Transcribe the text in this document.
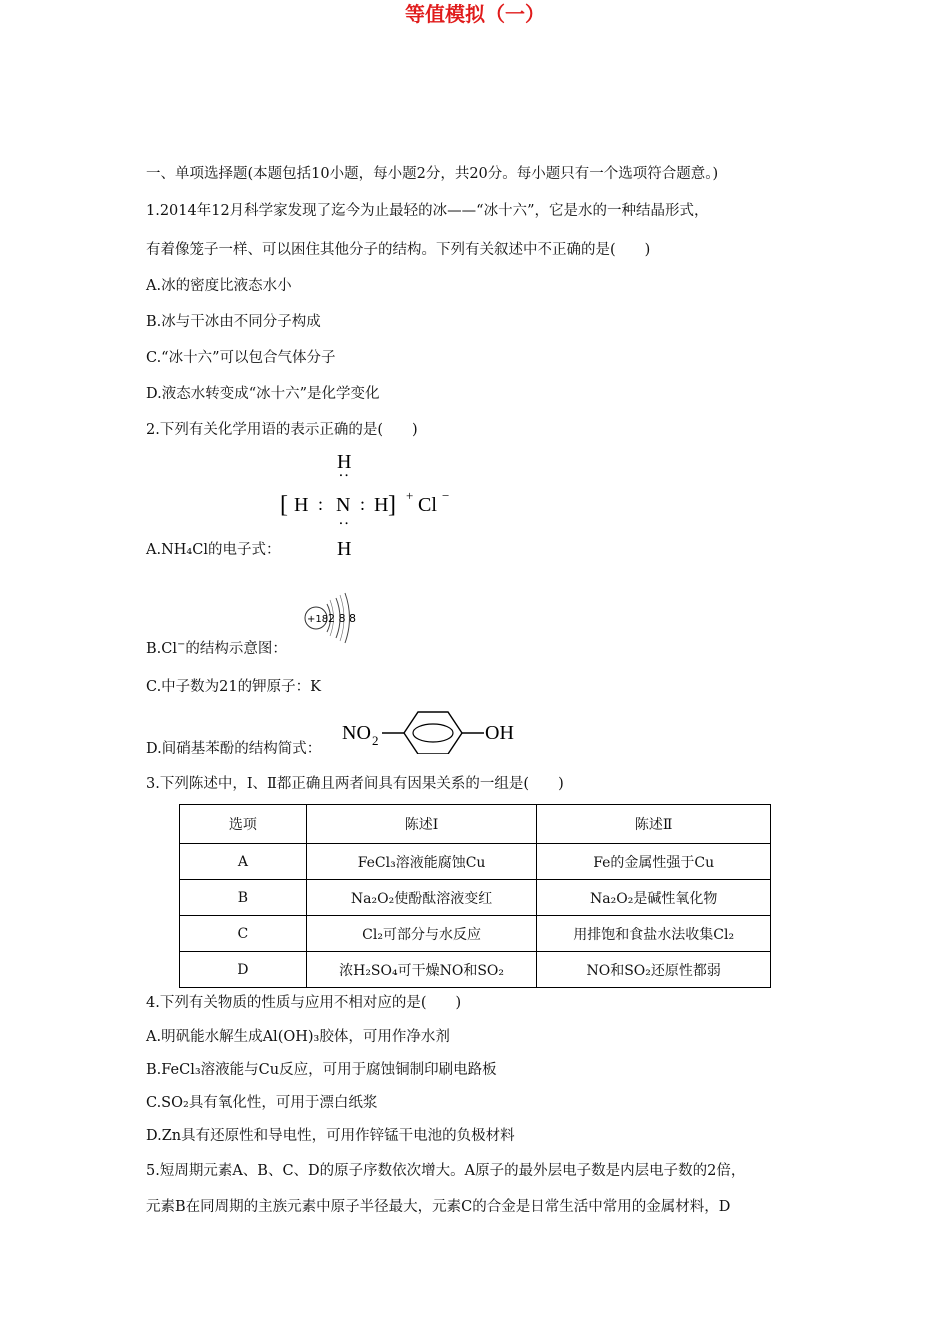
等值模拟（一）
一、单项选择题(本题包括10小题，每小题2分，共20分。每小题只有一个选项符合题意。)
1.2014年12月科学家发现了迄今为止最轻的冰——“冰十六”，它是水的一种结晶形式，
有着像笼子一样、可以困住其他分子的结构。下列有关叙述中不正确的是(　　)
A.冰的密度比液态水小
B.冰与干冰由不同分子构成
C.“冰十六”可以包合气体分子
D.液态水转变成“冰十六”是化学变化
2.下列有关化学用语的表示正确的是(　　)
H
:
[ H : N : H ] + Cl −
:
H
A.NH₄Cl的电子式：
+18 2 8 8
B.Cl−的结构示意图：
C.中子数为21的钾原子：K
NO 2	OH
D.间硝基苯酚的结构简式：
3.下列陈述中，Ⅰ、Ⅱ都正确且两者间具有因果关系的一组是(　　)
选项	陈述Ⅰ	陈述Ⅱ
A	FeCl₃溶液能腐蚀Cu	Fe的金属性强于Cu
B	Na₂O₂使酚酞溶液变红	Na₂O₂是碱性氧化物
C	Cl₂可部分与水反应	用排饱和食盐水法收集Cl₂
D	浓H₂SO₄可干燥NO和SO₂	NO和SO₂还原性都弱
4.下列有关物质的性质与应用不相对应的是(　　)
A.明矾能水解生成Al(OH)₃胶体，可用作净水剂
B.FeCl₃溶液能与Cu反应，可用于腐蚀铜制印刷电路板
C.SO₂具有氧化性，可用于漂白纸浆
D.Zn具有还原性和导电性，可用作锌锰干电池的负极材料
5.短周期元素A、B、C、D的原子序数依次增大。A原子的最外层电子数是内层电子数的2倍，
元素B在同周期的主族元素中原子半径最大，元素C的合金是日常生活中常用的金属材料，D
